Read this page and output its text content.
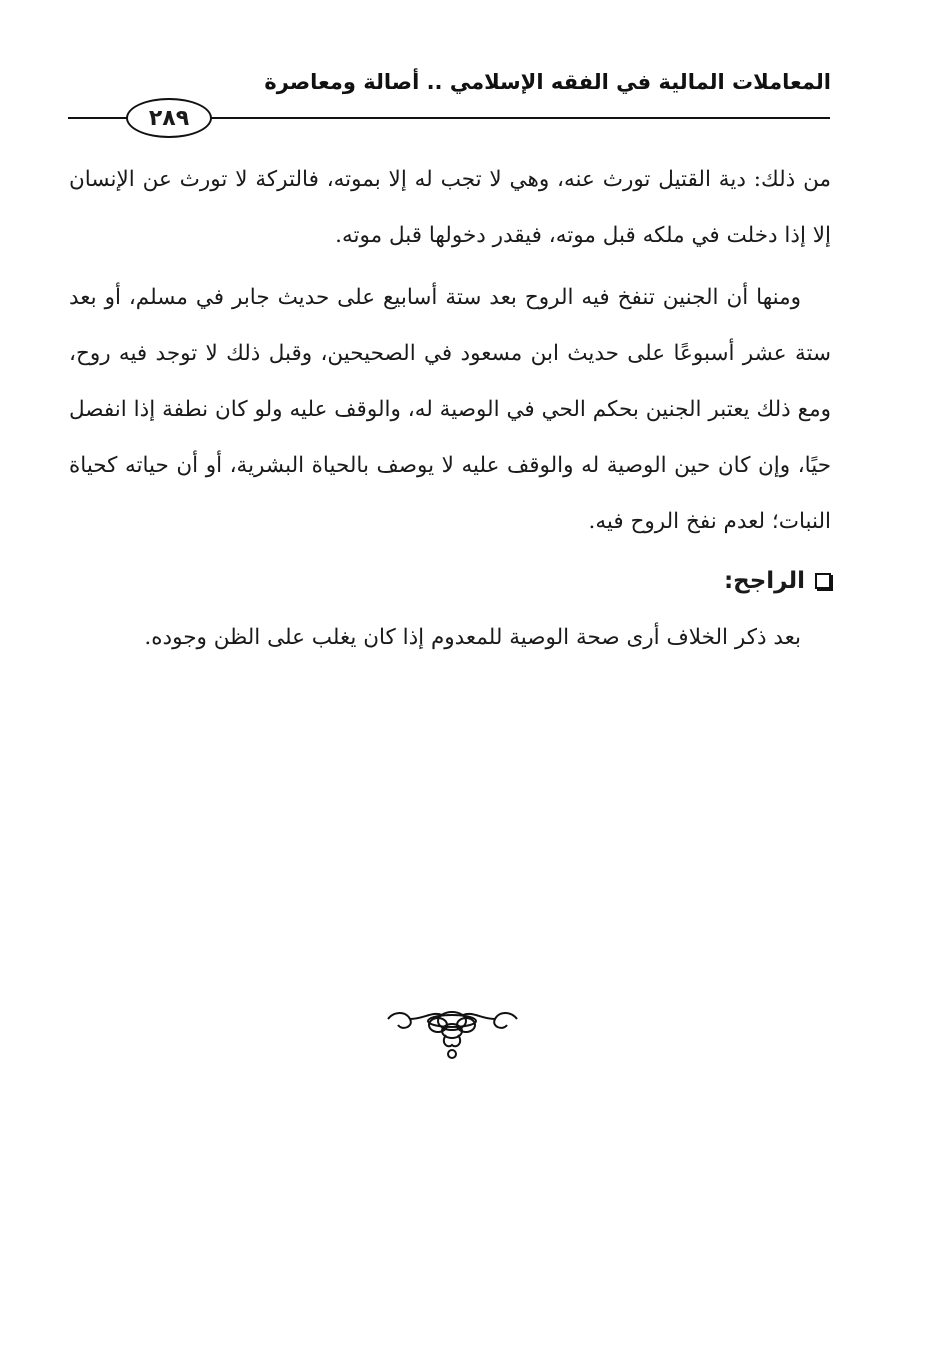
المعاملات المالية في الفقه الإسلامي .. أصالة ومعاصرة
٢٨٩

من ذلك: دية القتيل تورث عنه، وهي لا تجب له إلا بموته، فالتركة لا تورث عن الإنسان إلا إذا دخلت في ملكه قبل موته، فيقدر دخولها قبل موته.

ومنها أن الجنين تنفخ فيه الروح بعد ستة أسابيع على حديث جابر في مسلم، أو بعد ستة عشر أسبوعًا على حديث ابن مسعود في الصحيحين، وقبل ذلك لا توجد فيه روح، ومع ذلك يعتبر الجنين بحكم الحي في الوصية له، والوقف عليه ولو كان نطفة إذا انفصل حيًا، وإن كان حين الوصية له والوقف عليه لا يوصف بالحياة البشرية، أو أن حياته كحياة النبات؛ لعدم نفخ الروح فيه.

الراجح:

بعد ذكر الخلاف أرى صحة الوصية للمعدوم إذا كان يغلب على الظن وجوده.
